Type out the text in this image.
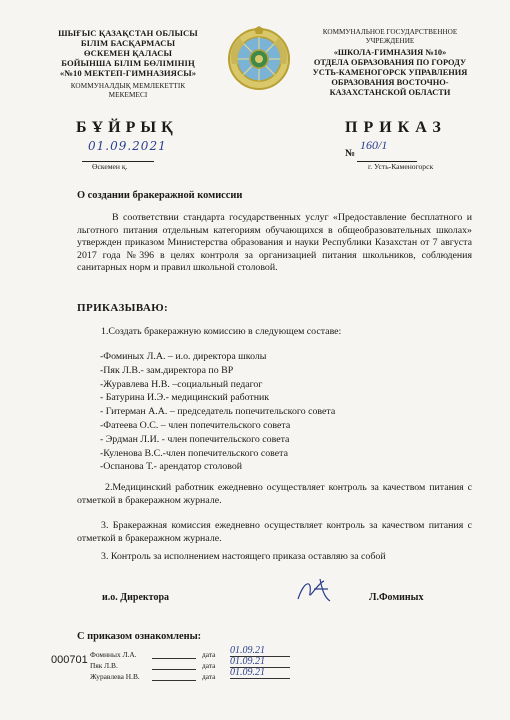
ШЫҒЫС ҚАЗАҚСТАН ОБЛЫСЫ
БІЛІМ БАСҚАРМАСЫ
ӨСКЕМЕН ҚАЛАСЫ
БОЙЫНША БІЛІМ БӨЛІМІНІҢ
«№10 МЕКТЕП-ГИМНАЗИЯСЫ»
КОММУНАЛДЫҚ МЕМЛЕКЕТТІК
МЕКЕМЕСІ
КОММУНАЛЬНОЕ ГОСУДАРСТВЕННОЕ
УЧРЕЖДЕНИЕ
«ШКОЛА-ГИМНАЗИЯ №10»
ОТДЕЛА ОБРАЗОВАНИЯ ПО ГОРОДУ
УСТЬ-КАМЕНОГОРСК УПРАВЛЕНИЯ
ОБРАЗОВАНИЯ ВОСТОЧНО-
КАЗАХСТАНСКОЙ ОБЛАСТИ
БҰЙРЫҚ	ПРИКАЗ
01.09.2021
Өскемен қ.
№
160/1
г. Усть-Каменогорск
О создании бракеражной комиссии

В соответствии стандарта государственных услуг «Предоставление бесплатного и льготного питания отдельным категориям обучающихся в общеобразовательных школах» утвержден приказом Министерства образования и науки Республики Казахстан от 7 августа 2017 года №396 в целях контроля за организацией питания школьников, соблюдения санитарных норм и правил школьной столовой.

ПРИКАЗЫВАЮ:
1.Создать бракеражную комиссию в следующем составе:
-Фоминых Л.А. – и.о. директора школы
-Пяк Л.В.- зам.директора по ВР
-Журавлева Н.В. –социальный педагог
- Батурина И.Э.- медицинский работник
- Гитерман А.А. – председатель попечительского совета
-Фатеева О.С. – член попечительского совета
- Эрдман Л.И. - член попечительского совета
-Куленова В.С.-член попечительского совета
-Оспанова Т.- арендатор столовой

2.Медицинский работник ежедневно осуществляет контроль за качеством питания с отметкой в бракеражном журнале.

3. Бракеражная комиссия ежедневно осуществляет контроль за качеством питания с отметкой в бракеражном журнале.

3. Контроль за исполнением настоящего приказа оставляю за собой
и.о. Директора	Л.Фоминых
С приказом ознакомлены:
000701 Фоминых Л.А.	дата 01.09.21
Пяк Л.В.	дата 01.09.21
Журавлева Н.В.	дата 01.09.21
